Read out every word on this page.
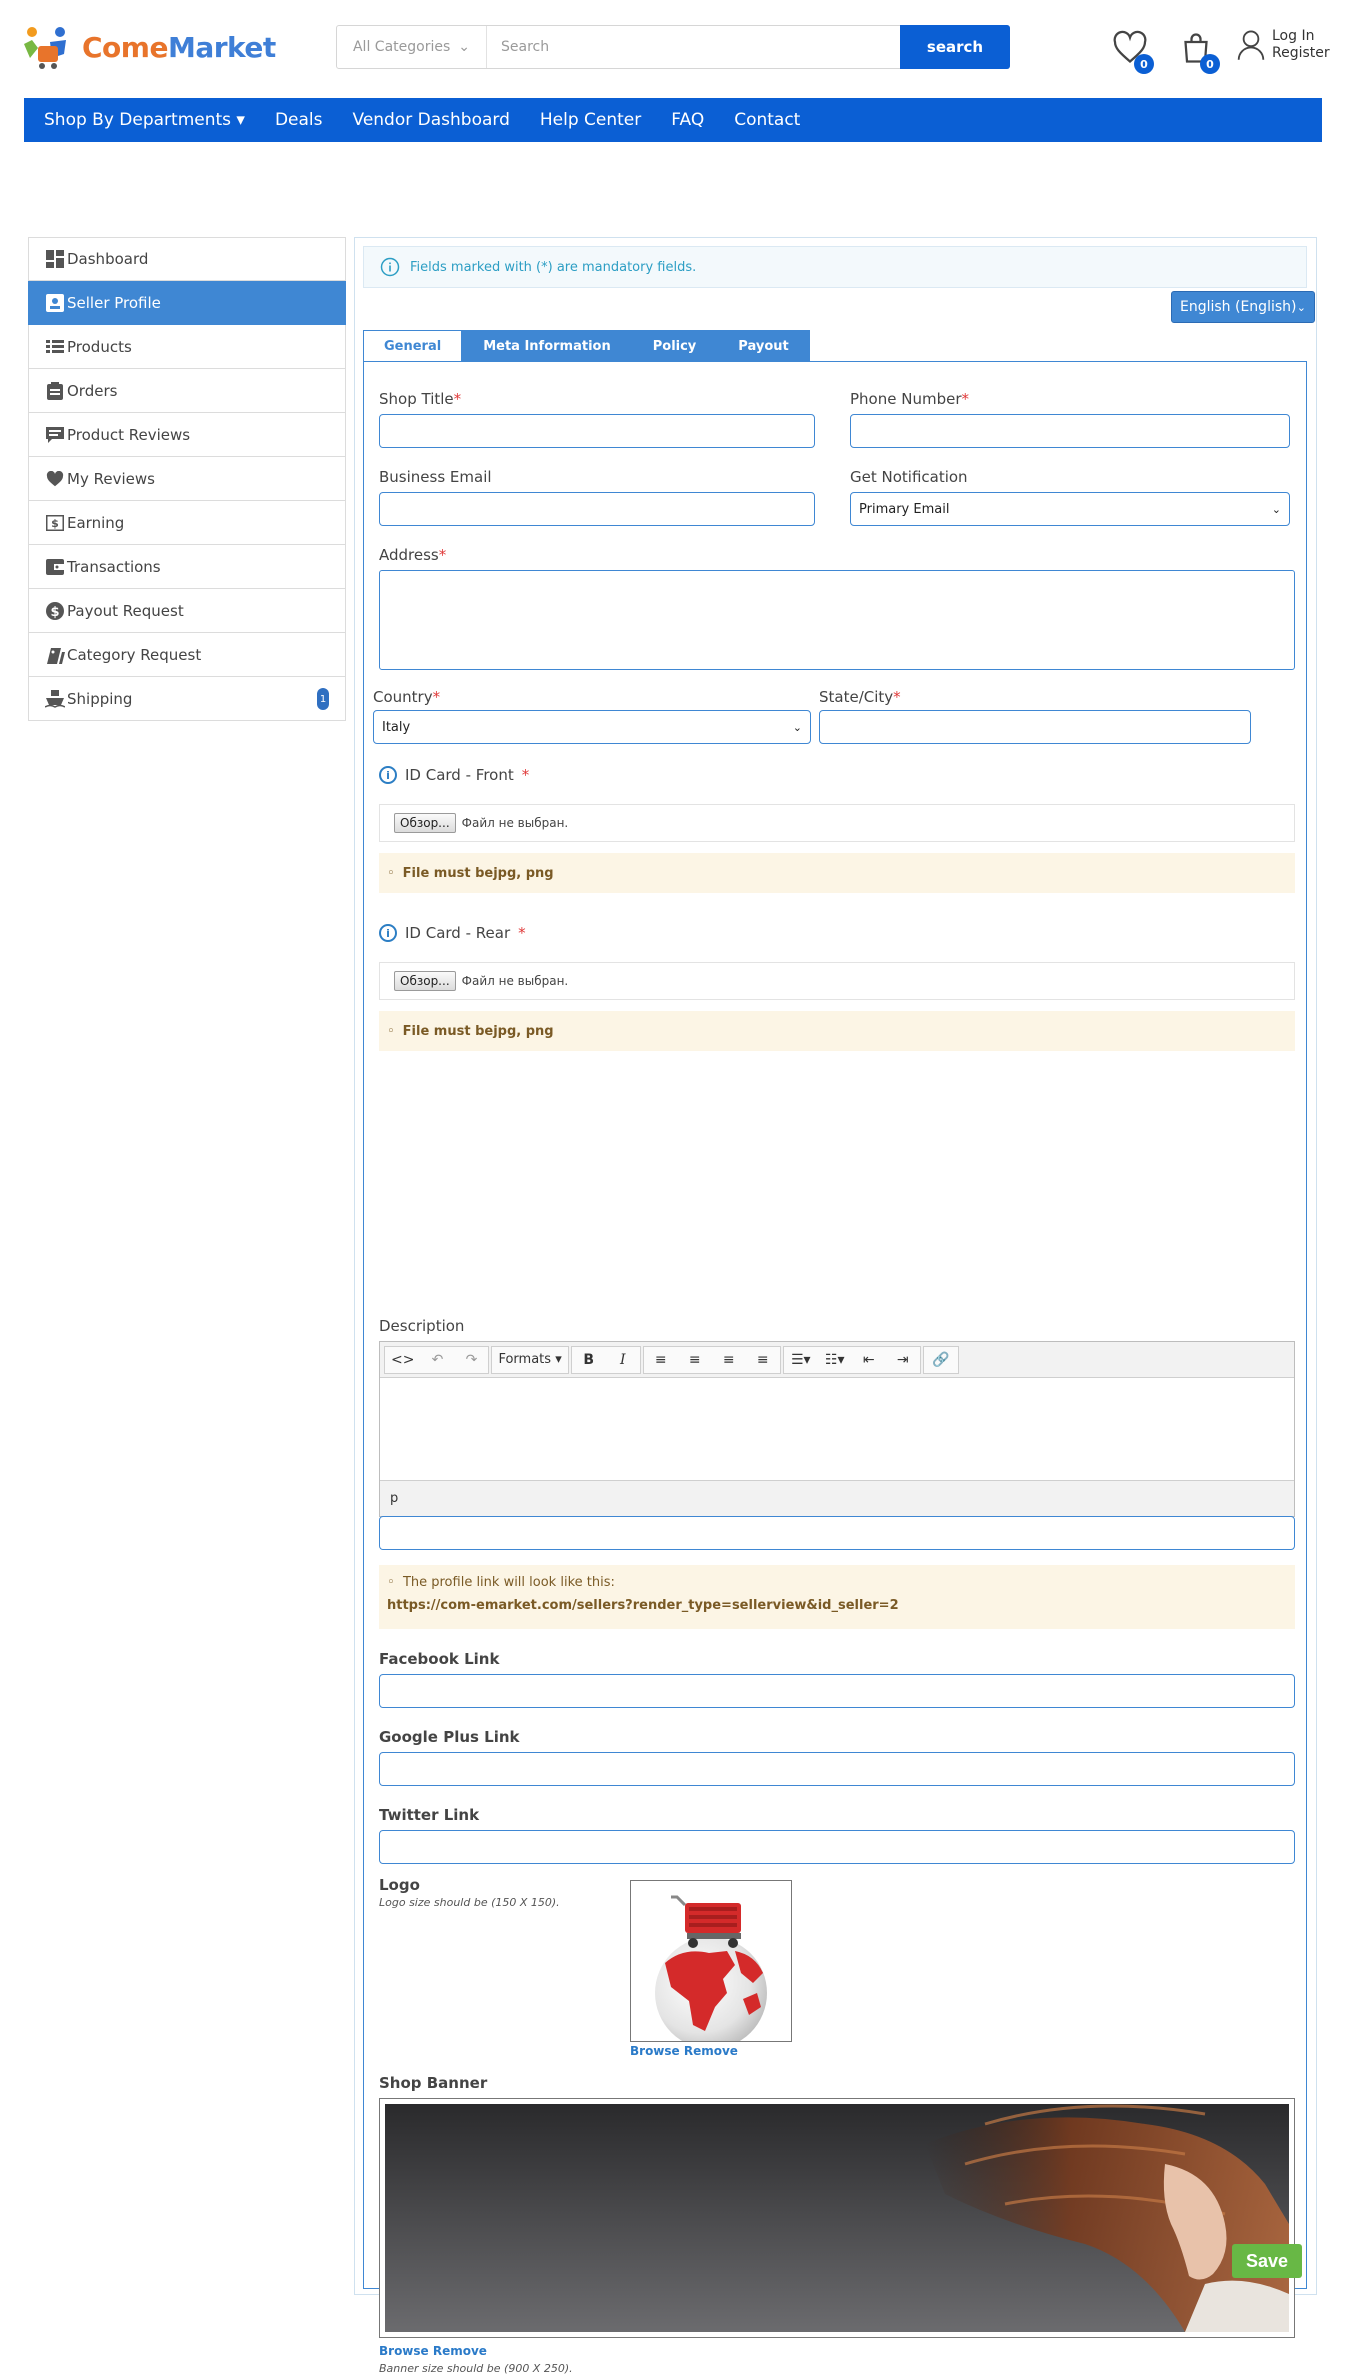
ComeMarket	All Categories ⌄
Search	search
0	0
Log In
Register
Shop By Departments ▾ Deals Vendor Dashboard Help Center FAQ Contact
Dashboard
Seller Profile
Products
Orders
Product Reviews
My Reviews
$ Earning
Transactions
$ Payout Request
Category Request
Shipping	1
Fields marked with (*) are mandatory fields.
English (English) ⌄
General	Meta Information	Policy	Payout
Shop Title*	Phone Number*
Business Email	Get Notification
Primary Email	⌄
Address*
Country*
Italy	⌄
State/City*
i	ID Card - Front *
Обзор...	Файл не выбран.
◦ File must bejpg, png
i	ID Card - Rear *
Обзор...	Файл не выбран.
◦ File must bejpg, png
Description
<>	↶	↷	Formats ▾	B	I	≡	≡	≡	≡	☰▾	☷▾	⇤	⇥	🔗
p
◦ The profile link will look like this:
https://com-emarket.com/sellers?render_type=sellerview&id_seller=2
Facebook Link
Google Plus Link
Twitter Link
Logo
Logo size should be (150 X 150).
Browse Remove
Shop Banner
Browse Remove
Banner size should be (900 X 250).
Save
